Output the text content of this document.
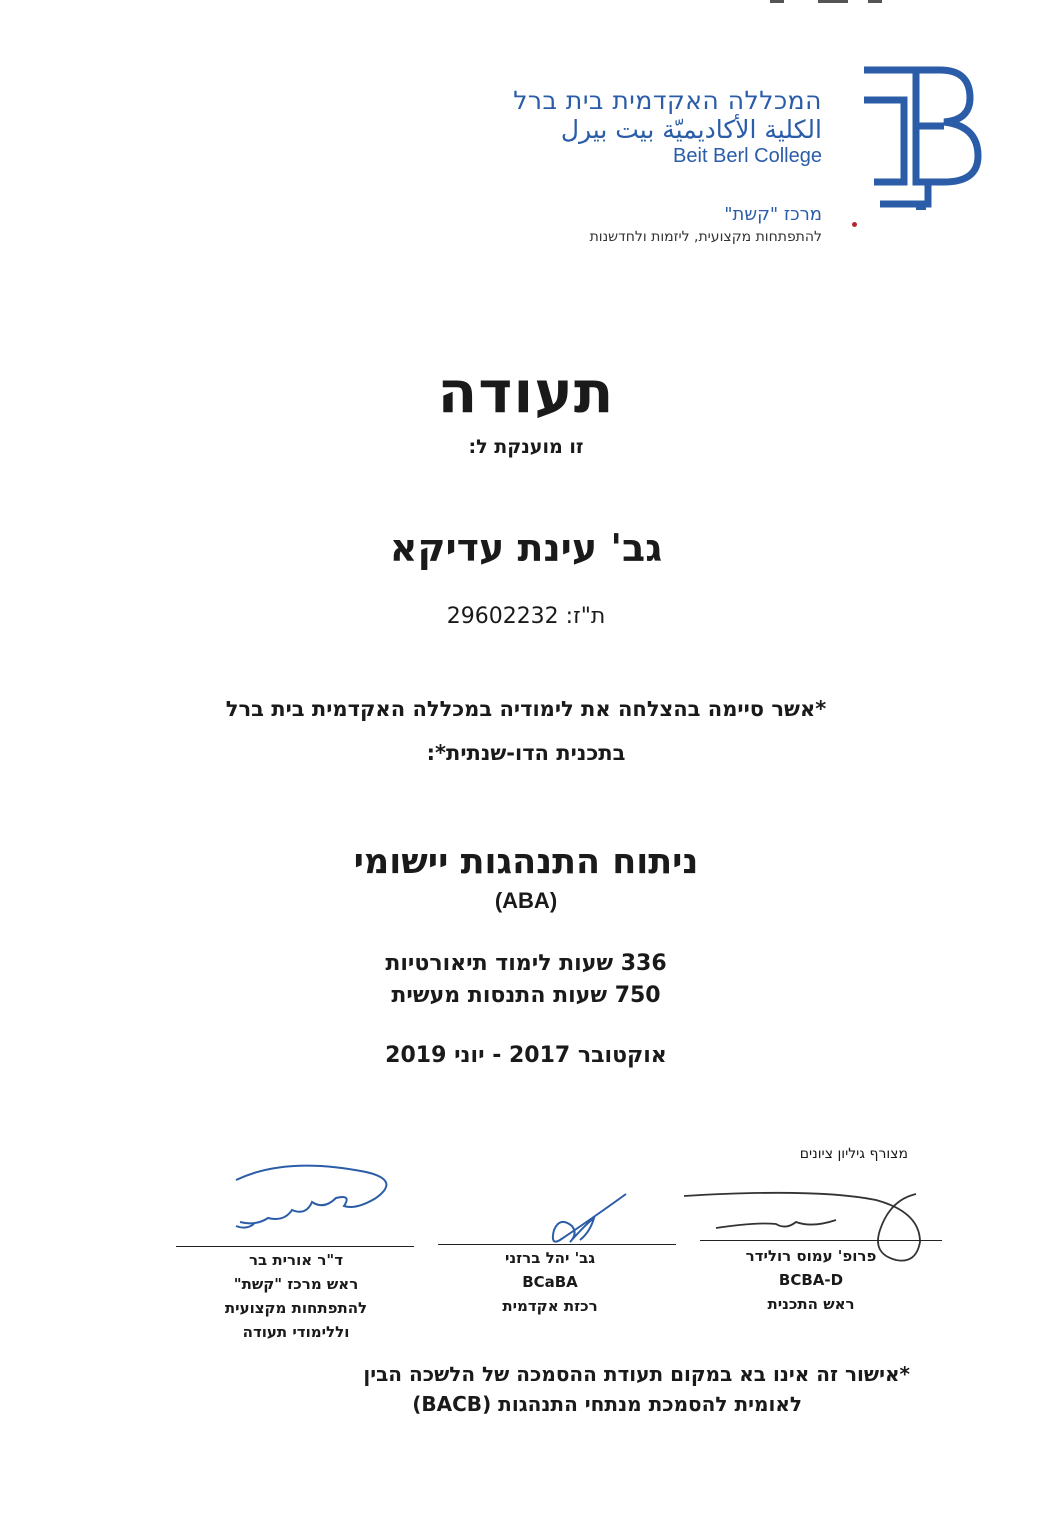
המכללה האקדמית בית ברל
الكلية الأكاديميّة بيت بيرل
Beit Berl College
מרכז "קשת"
להתפתחות מקצועית, ליזמות ולחדשנות
תעודה
זו מוענקת ל:
גב' עינת עדיקא
ת"ז: 29602232
*אשר סיימה בהצלחה את לימודיה במכללה האקדמית בית ברל
בתכנית הדו-שנתית*:
ניתוח התנהגות יישומי
(ABA)
336 שעות לימוד תיאורטיות
750 שעות התנסות מעשית
אוקטובר 2017 - יוני 2019
מצורף גיליון ציונים
פרופ' עמוס רולידר
BCBA-D
ראש התכנית
גב' יהל ברזני
BCaBA
רכזת אקדמית
ד"ר אורית בר
ראש מרכז "קשת"
להתפתחות מקצועית
וללימודי תעודה
*אישור זה אינו בא במקום תעודת ההסמכה של הלשכה הבין
לאומית להסמכת מנתחי התנהגות (BACB)
